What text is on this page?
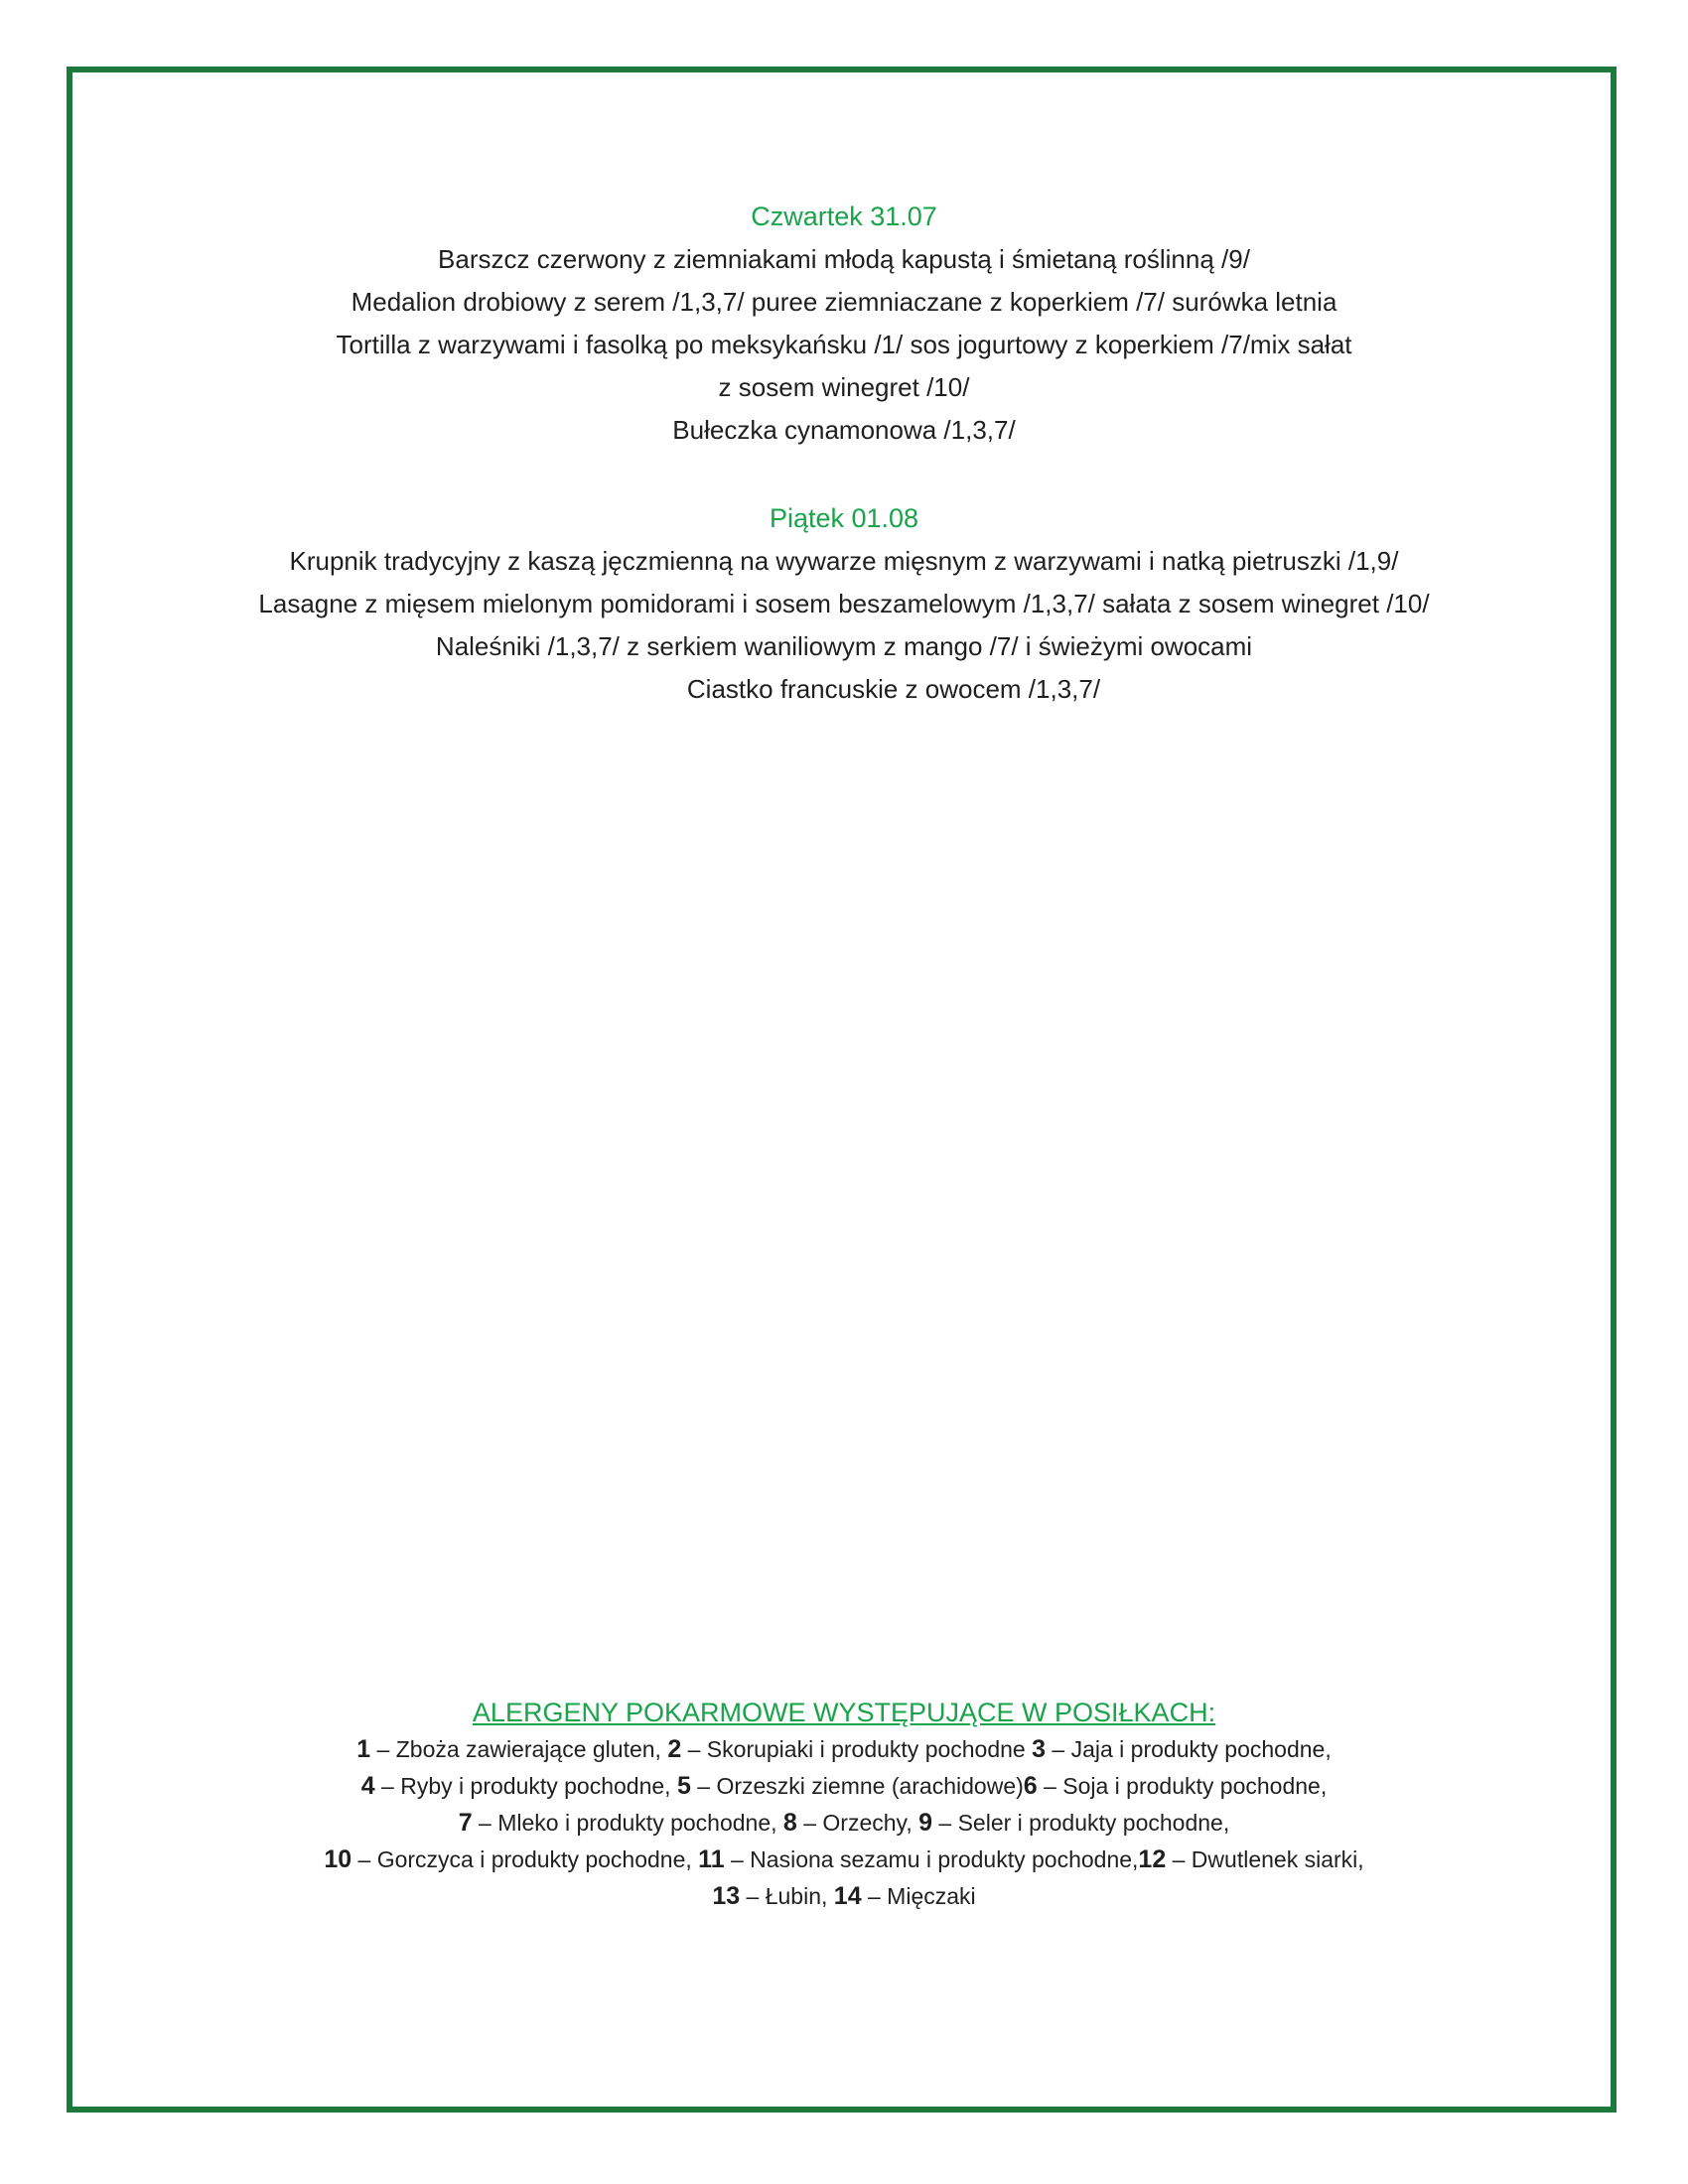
Czwartek 31.07
Barszcz czerwony z ziemniakami młodą kapustą i śmietaną roślinną /9/
Medalion drobiowy z serem /1,3,7/ puree ziemniaczane z koperkiem /7/ surówka letnia
Tortilla z warzywami i fasolką po meksykańsku /1/ sos jogurtowy z koperkiem /7/mix sałat
z sosem winegret /10/
Bułeczka cynamonowa /1,3,7/
Piątek 01.08
Krupnik tradycyjny z kaszą jęczmienną na wywarze mięsnym z warzywami i natką pietruszki /1,9/
Lasagne z mięsem mielonym pomidorami i sosem beszamelowym /1,3,7/ sałata z sosem winegret /10/
Naleśniki /1,3,7/ z serkiem waniliowym z mango /7/ i świeżymi owocami
Ciastko francuskie z owocem /1,3,7/
ALERGENY POKARMOWE WYSTĘPUJĄCE W POSIŁKACH:
1 – Zboża zawierające gluten, 2 – Skorupiaki i produkty pochodne 3 – Jaja i produkty pochodne,
4 – Ryby i produkty pochodne, 5 – Orzeszki ziemne (arachidowe)6 – Soja i produkty pochodne,
7 – Mleko i produkty pochodne, 8 – Orzechy, 9 – Seler i produkty pochodne,
10 – Gorczyca i produkty pochodne, 11 – Nasiona sezamu i produkty pochodne,12 – Dwutlenek siarki,
13 – Łubin, 14 – Mięczaki
